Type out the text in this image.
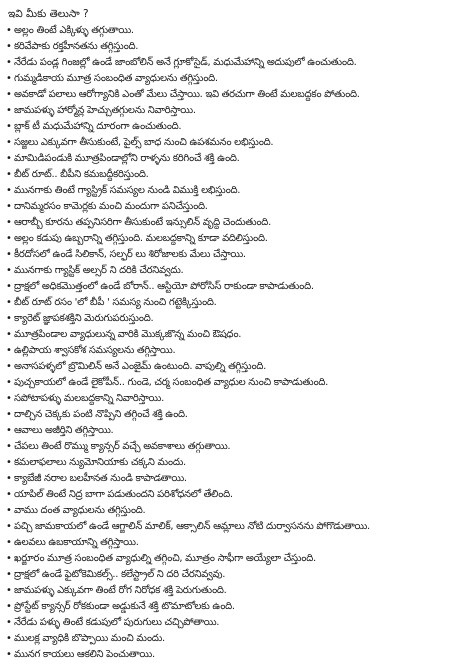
ఇవి మీకు తెలుసా ?
• అల్లం తింటే ఎక్కిళ్ళు తగ్గుతాయి.
• కరివేపాకు రక్తహీనతను తగ్గిస్తుంది.
• నేరేడు పండ్ల గింజల్లో ఉండే జాంబోలిన్ అనే గ్లూకోసైడ్, మధుమేహాన్ని అదుపులో ఉంచుతుంది.
• గుమ్మడికాయ మూత్ర సంబంధిత వ్యాధులను తగ్గిస్తుంది.
• అవకాడో పలాలు ఆరోగ్యానికి ఎంతో మేలు చేస్తాయి. ఇవి తరచుగా తింటే మలబద్ధకం పోతుంది.
• జామపళ్ళు హార్మోన్ల హెచ్చుతగ్గులను నివారిస్తాయి.
• బ్లాక్ టీ మధుమేహాన్ని దూరంగా ఉంచుతుంది.
• సజ్జలు ఎక్కువగా తీసుకుంటే, పైల్స్ బాధ నుంచి ఉపశమనం లభిస్తుంది.
• మామిడిపండుకి మూత్రపిండాల్లోని రాళ్ళను కరిగించే శక్తి ఉంది.
• బీట్ రూట్.. బీపీని కమబద్ధీకరిస్తుంది.
• మునగాకు తింటే గ్యాస్ట్రిక్ సమస్యల నుండి విముక్తి లభిస్తుంది.
• దానిమ్మరసం కామెర్లకు మంచి మందుగా పనిచేస్తుంది.
• ఆరాబ్బీ కూరను తప్పనిసరిగా తీసుకుంటే ఇన్సులిన్ వృద్ధి చెందుతుంది.
• అల్లం కడుపు ఉబ్బరాన్ని తగ్గిస్తుంది. మలబద్ధకాన్ని కూడా వదిలిస్తుంది.
• కీరదోసలో ఉండే సిలికాన్, సల్ఫర్ లు శిరోజాలకు మేలు చేస్తాయి.
• మునగాకు గ్యాస్టిక్ అల్సర్ ని దరికి చేరనివ్వదు.
• ద్రాక్షలో అధికమొత్తంలో ఉండే బోరాన్.. ఆస్టియో పోరోసిస్ రాకుండా కాపాడుతుంది.
• బీట్ రూట్ రసం 'లో బీపీ ' సమస్య నుంచి గట్టెక్కిస్తుంది.
• క్యారెట్ జ్ఞాపకశక్తిని మెరుగుపరుస్తుంది.
• మూత్రపిండాల వ్యాధులున్న వారికి మొక్కజొన్న మంచి ఔషధం.
• ఉల్లిపాయ శ్వాసకోశ సమస్యలను తగ్గిస్తాయి.
• అనాసపళ్ళలో బ్రొమిలిన్ అనే ఎంజైమ్ ఉంటుంది. వాపుల్ని తగ్గిస్తుంది.
• పుచ్చకాయలో ఉండే లైకోపీన్.. గుండె, చర్మ సంబంధిత వ్యాధుల నుంచి కాపాడుతుంది.
• సపోటాపళ్ళు మలబద్ధకాన్ని నివారిస్తాయి.
• దాల్చిన చెక్కకు పంటి నొప్పిని తగ్గించే శక్తి ఉంది.
• ఆవాలు అజీర్తిని తగ్గిస్తాయి.
• చేపలు తింటే రొమ్ము క్యాన్సర్ వచ్చే అవకాశాలు తగ్గుతాయి.
• కమలాఫలాలు న్యుమోనియాకు చక్కని మందు.
• క్యాబేజీ నరాల బలహీనత నుండి కాపాడతాయి.
• యాపిల్ తింటే నిద్ర బాగా పడుతుందని పరిశోధనలో తేలింది.
• వాము దంత వ్యాధులను తగ్గిస్తుంది.
• పచ్చి జామకాయలో ఉండే ఆగ్జాలిన్ మాలిక్, ఆక్సాలిన్ ఆమ్లాలు నోటి దుర్వాసనను పోగొడుతాయి.
• ఉలవలు ఉబకాయాన్ని తగ్గిస్తాయి.
• ఖర్జూరం మూత్ర సంబంధిత వ్యాధుల్ని తగ్గించి, మూత్రం సాఫీగా అయ్యేలా చేస్తుంది.
• ద్రాక్షలో ఉండే ఫైటోకెమికల్స్.. కలేస్ట్రాల్ ని దరి చేరనివ్వవు.
• జామపళ్ళు ఎక్కువగా తింటే రోగ నిరోధక శక్తి పెరుగుతుంది.
• ప్రోస్టేట్ క్యాన్సర్ రోకకుండా అడ్డుకునే శక్తి టొమాటోలకు ఉంది.
• నేరేడు పళ్ళు తింటే కడుపులో పురుగులు చచ్చిపోతాయి.
• ములక్ల వ్యాధికి బొప్పాయి మంచి మందు.
• మునగ కాయలు ఆకలిని పెంచుతాయి.
